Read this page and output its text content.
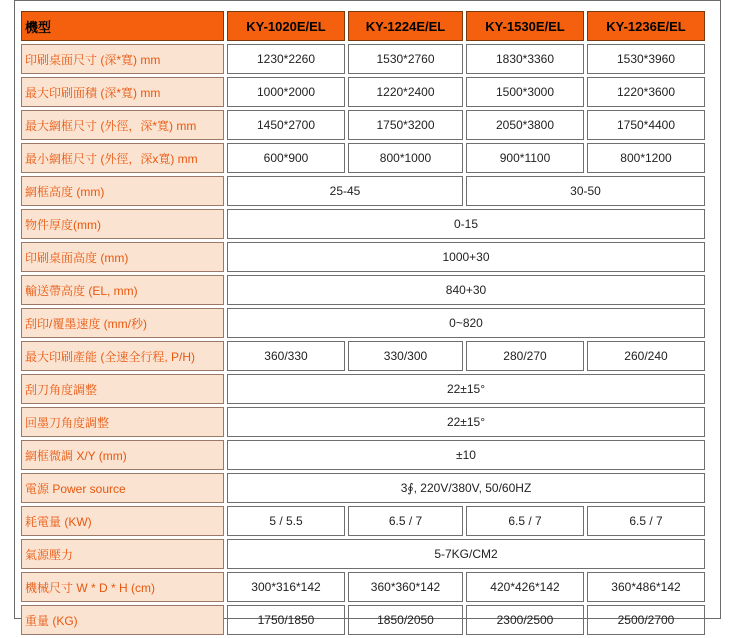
機型	KY-1020E/EL	KY-1224E/EL	KY-1530E/EL	KY-1236E/EL
印刷桌面尺寸 (深*寬) mm	1230*2260	1530*2760	1830*3360	1530*3960
最大印刷面積 (深*寬) mm	1000*2000	1220*2400	1500*3000	1220*3600
最大網框尺寸 (外徑，深*寬) mm	1450*2700	1750*3200	2050*3800	1750*4400
最小網框尺寸 (外徑，深x寬) mm	600*900	800*1000	900*1100	800*1200
網框高度 (mm)	25-45		30-50	
物件厚度(mm)	0-15			
印刷桌面高度 (mm)	1000+30			
輸送帶高度 (EL, mm)	840+30			
刮印/覆墨速度 (mm/秒)	0~820			
最大印刷產能 (全速全行程, P/H)	360/330	330/300	280/270	260/240
刮刀角度調整	22±15°			
回墨刀角度調整	22±15°			
網框微調 X/Y (mm)	±10			
電源 Power source	3∮, 220V/380V, 50/60HZ			
耗電量 (KW)	5 / 5.5	6.5 / 7	6.5 / 7	6.5 / 7
氣源壓力	5-7KG/CM2			
機械尺寸 W * D * H (cm)	300*316*142	360*360*142	420*426*142	360*486*142
重量 (KG)	1750/1850	1850/2050	2300/2500	2500/2700
